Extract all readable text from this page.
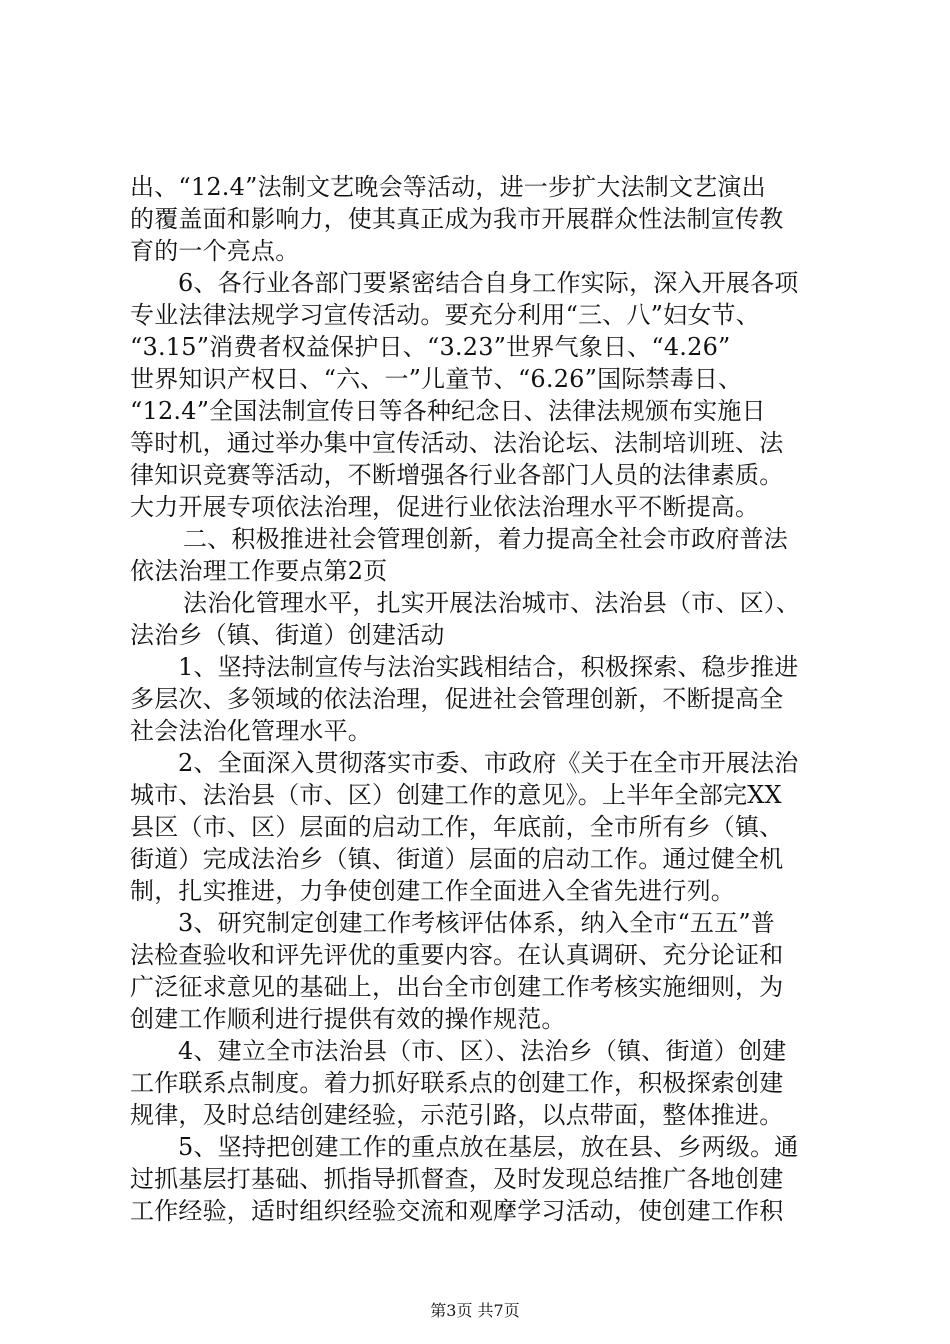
出、“12.4”法制文艺晚会等活动，进一步扩大法制文艺演出
的覆盖面和影响力，使其真正成为我市开展群众性法制宣传教
育的一个亮点。
6、各行业各部门要紧密结合自身工作实际，深入开展各项
专业法律法规学习宣传活动。要充分利用“三、八”妇女节、
“3.15”消费者权益保护日、“3.23”世界气象日、“4.26”
世界知识产权日、“六、一”儿童节、“6.26”国际禁毒日、
“12.4”全国法制宣传日等各种纪念日、法律法规颁布实施日
等时机，通过举办集中宣传活动、法治论坛、法制培训班、法
律知识竞赛等活动，不断增强各行业各部门人员的法律素质。
大力开展专项依法治理，促进行业依法治理水平不断提高。
二、积极推进社会管理创新，着力提高全社会市政府普法
依法治理工作要点第2页
法治化管理水平，扎实开展法治城市、法治县（市、区）、
法治乡（镇、街道）创建活动
1、坚持法制宣传与法治实践相结合，积极探索、稳步推进
多层次、多领域的依法治理，促进社会管理创新，不断提高全
社会法治化管理水平。
2、全面深入贯彻落实市委、市政府《关于在全市开展法治
城市、法治县（市、区）创建工作的意见》。上半年全部完XX
县区（市、区）层面的启动工作，年底前，全市所有乡（镇、
街道）完成法治乡（镇、街道）层面的启动工作。通过健全机
制，扎实推进，力争使创建工作全面进入全省先进行列。
3、研究制定创建工作考核评估体系，纳入全市“五五”普
法检查验收和评先评优的重要内容。在认真调研、充分论证和
广泛征求意见的基础上，出台全市创建工作考核实施细则，为
创建工作顺利进行提供有效的操作规范。
4、建立全市法治县（市、区）、法治乡（镇、街道）创建
工作联系点制度。着力抓好联系点的创建工作，积极探索创建
规律，及时总结创建经验，示范引路，以点带面，整体推进。
5、坚持把创建工作的重点放在基层，放在县、乡两级。通
过抓基层打基础、抓指导抓督查，及时发现总结推广各地创建
工作经验，适时组织经验交流和观摩学习活动，使创建工作积
第3页 共7页
